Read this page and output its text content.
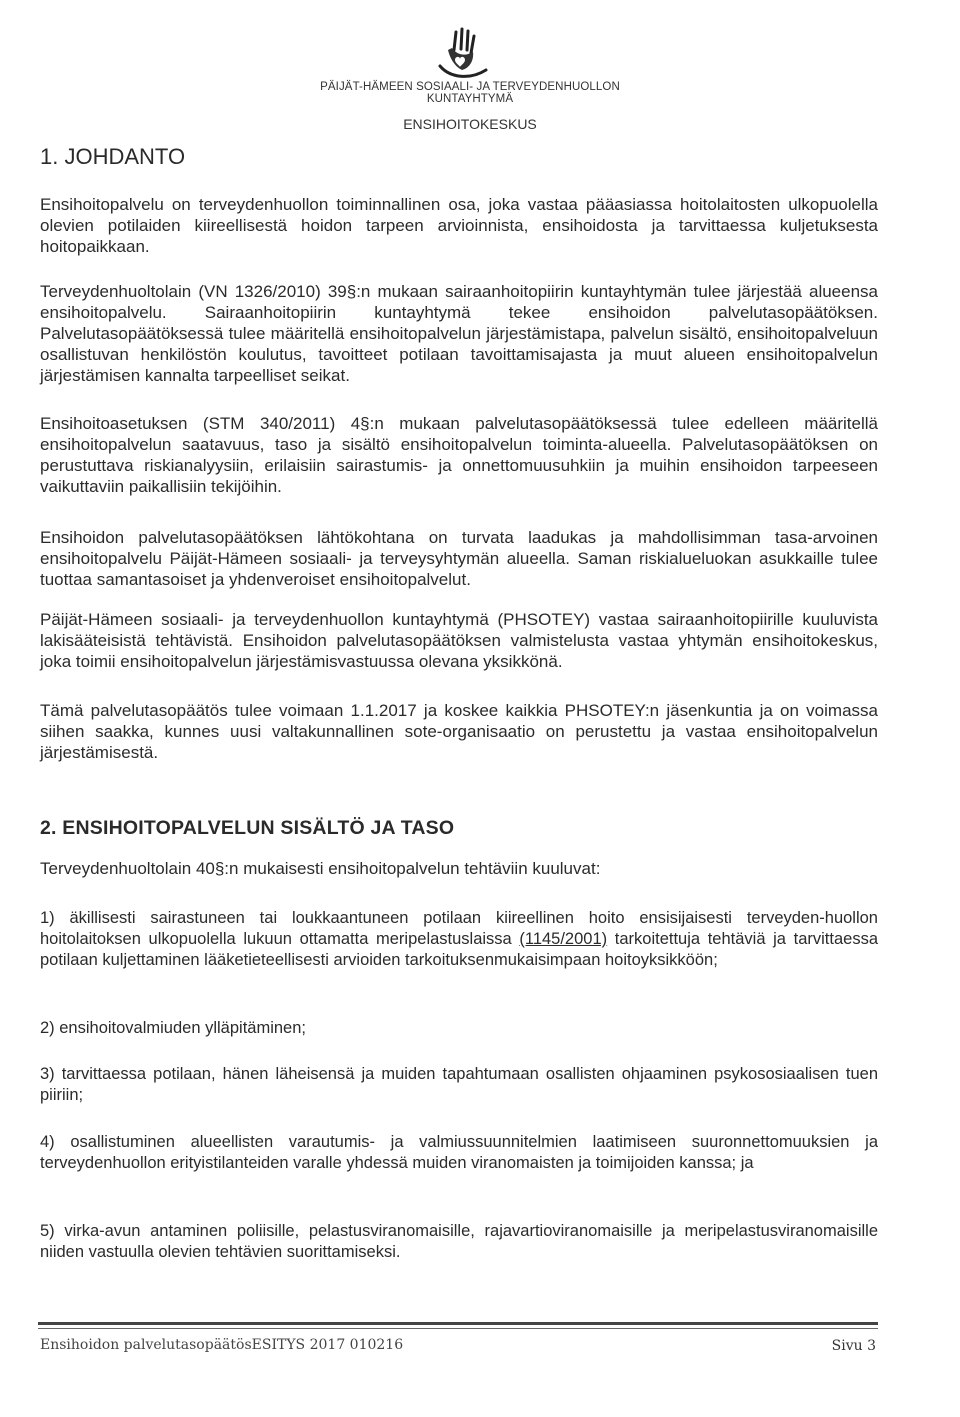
PÄIJÄT-HÄMEEN SOSIAALI- JA TERVEYDENHUOLLON KUNTAYHTYMÄ
ENSIHOITOKESKUS
1. JOHDANTO

Ensihoitopalvelu on terveydenhuollon toiminnallinen osa, joka vastaa pääasiassa hoitolaitosten ulkopuolella olevien potilaiden kiireellisestä hoidon tarpeen arvioinnista, ensihoidosta ja tarvittaessa kuljetuksesta hoitopaikkaan.

Terveydenhuoltolain (VN 1326/2010) 39§:n mukaan sairaanhoitopiirin kuntayhtymän tulee järjestää alueensa ensihoitopalvelu. Sairaanhoitopiirin kuntayhtymä tekee ensihoidon palvelutasopäätöksen. Palvelutasopäätöksessä tulee määritellä ensihoitopalvelun järjestämistapa, palvelun sisältö, ensihoitopalveluun osallistuvan henkilöstön koulutus, tavoitteet potilaan tavoittamisajasta ja muut alueen ensihoitopalvelun järjestämisen kannalta tarpeelliset seikat.

Ensihoitoasetuksen (STM 340/2011) 4§:n mukaan palvelutasopäätöksessä tulee edelleen määritellä ensihoitopalvelun saatavuus, taso ja sisältö ensihoitopalvelun toiminta-alueella. Palvelutasopäätöksen on perustuttava riskianalyysiin, erilaisiin sairastumis- ja onnettomuusuhkiin ja muihin ensihoidon tarpeeseen vaikuttaviin paikallisiin tekijöihin.

Ensihoidon palvelutasopäätöksen lähtökohtana on turvata laadukas ja mahdollisimman tasa-arvoinen ensihoitopalvelu Päijät-Hämeen sosiaali- ja terveysyhtymän alueella. Saman riskialueluokan asukkaille tulee tuottaa samantasoiset ja yhdenveroiset ensihoitopalvelut.

Päijät-Hämeen sosiaali- ja terveydenhuollon kuntayhtymä (PHSOTEY) vastaa sairaanhoitopiirille kuuluvista lakisääteisistä tehtävistä. Ensihoidon palvelutasopäätöksen valmistelusta vastaa yhtymän ensihoitokeskus, joka toimii ensihoitopalvelun järjestämisvastuussa olevana yksikkönä.

Tämä palvelutasopäätös tulee voimaan 1.1.2017 ja koskee kaikkia PHSOTEY:n jäsenkuntia ja on voimassa siihen saakka, kunnes uusi valtakunnallinen sote-organisaatio on perustettu ja vastaa ensihoitopalvelun järjestämisestä.

2. ENSIHOITOPALVELUN SISÄLTÖ JA TASO

Terveydenhuoltolain 40§:n mukaisesti ensihoitopalvelun tehtäviin kuuluvat:

1) äkillisesti sairastuneen tai loukkaantuneen potilaan kiireellinen hoito ensisijaisesti terveyden-huollon hoitolaitoksen ulkopuolella lukuun ottamatta meripelastuslaissa (1145/2001) tarkoitettuja tehtäviä ja tarvittaessa potilaan kuljettaminen lääketieteellisesti arvioiden tarkoituksenmukaisimpaan hoitoyksikköön;
2) ensihoitovalmiuden ylläpitäminen;
3) tarvittaessa potilaan, hänen läheisensä ja muiden tapahtumaan osallisten ohjaaminen psykososiaalisen tuen piiriin;
4) osallistuminen alueellisten varautumis- ja valmiussuunnitelmien laatimiseen suuronnettomuuksien ja terveydenhuollon erityistilanteiden varalle yhdessä muiden viranomaisten ja toimijoiden kanssa; ja
5) virka-avun antaminen poliisille, pelastusviranomaisille, rajavartioviranomaisille ja meripelastusviranomaisille niiden vastuulla olevien tehtävien suorittamiseksi.
Ensihoidon palvelutasopäätösESITYS 2017 010216	Sivu 3
